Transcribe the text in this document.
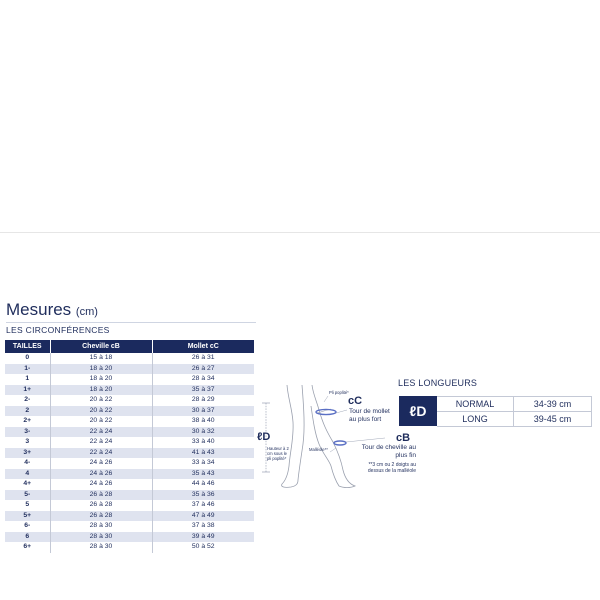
Mesures (cm)
LES CIRCONFÉRENCES
TAILLES	Cheville cB	Mollet cC
0	15 à 18	26 à 31
1-	18 à 20	26 à 27
1	18 à 20	28 à 34
1+	18 à 20	35 à 37
2-	20 à 22	28 à 29
2	20 à 22	30 à 37
2+	20 à 22	38 à 40
3-	22 à 24	30 à 32
3	22 à 24	33 à 40
3+	22 à 24	41 à 43
4-	24 à 26	33 à 34
4	24 à 26	35 à 43
4+	24 à 26	44 à 46
5-	26 à 28	35 à 36
5	26 à 28	37 à 46
5+	26 à 28	47 à 49
6-	28 à 30	37 à 38
6	28 à 30	39 à 49
6+	28 à 30	50 à 52
ℓD
Hauteur à 2 cm sous le pli poplité*
Pli poplité*
cC
Tour de mollet au plus fort
Malléole**
cB
Tour de cheville au plus fin
**3 cm ou 2 doigts au dessus de la malléole
LES LONGUEURS
ℓD	NORMAL	34-39 cm
LONG	39-45 cm
